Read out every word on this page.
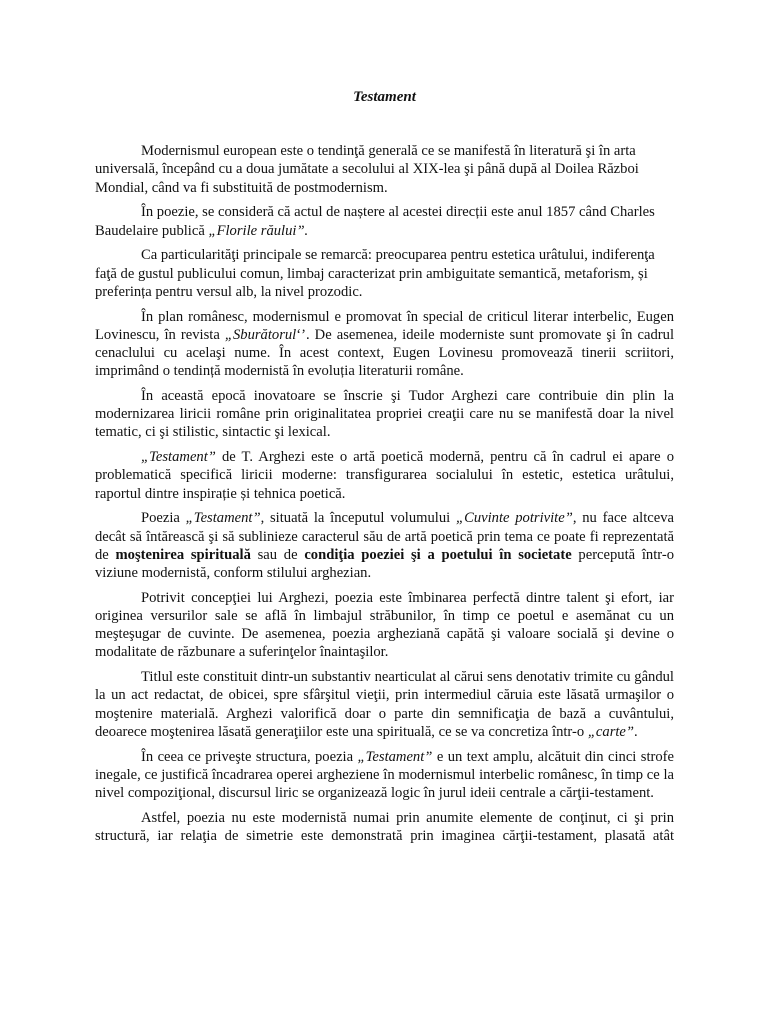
Testament

Modernismul european este o tendinţă generală ce se manifestă în literatură şi în arta universală, începând cu a doua jumătate a secolului al XIX-lea şi până după al Doilea Război Mondial, când va fi substituită de postmodernism.

În poezie, se consideră că actul de naștere al acestei direcții este anul 1857 când Charles Baudelaire publică „Florile răului”.

Ca particularităţi principale se remarcă: preocuparea pentru estetica urâtului, indiferenţa faţă de gustul publicului comun, limbaj caracterizat prin ambiguitate semantică, metaforism, și preferința pentru versul alb, la nivel prozodic.

În plan românesc, modernismul e promovat în special de criticul literar interbelic, Eugen Lovinescu, în revista „Sburătorul‘’. De asemenea, ideile moderniste sunt promovate şi în cadrul cenaclului cu acelaşi nume. În acest context, Eugen Lovinesu promovează tinerii scriitori, imprimând o tendință modernistă în evoluția literaturii române.

În această epocă inovatoare se înscrie şi Tudor Arghezi care contribuie din plin la modernizarea liricii române prin originalitatea propriei creaţii care nu se manifestă doar la nivel tematic, ci şi stilistic, sintactic şi lexical.

„Testament” de T. Arghezi este o artă poetică modernă, pentru că în cadrul ei apare o problematică specifică liricii moderne: transfigurarea socialului în estetic, estetica urâtului, raportul dintre inspirație și tehnica poetică.

Poezia „Testament”, situată la începutul volumului „Cuvinte potrivite”, nu face altceva decât să întărească şi să sublinieze caracterul său de artă poetică prin tema ce poate fi reprezentată de moştenirea spirituală sau de condiţia poeziei şi a poetului în societate percepută într-o viziune modernistă, conform stilului arghezian.

Potrivit concepţiei lui Arghezi, poezia este îmbinarea perfectă dintre talent şi efort, iar originea versurilor sale se află în limbajul străbunilor, în timp ce poetul e asemănat cu un meşteşugar de cuvinte. De asemenea, poezia argheziană capătă şi valoare socială şi devine o modalitate de răzbunare a suferinţelor înaintaşilor.

Titlul este constituit dintr-un substantiv nearticulat al cărui sens denotativ trimite cu gândul la un act redactat, de obicei, spre sfârşitul vieţii, prin intermediul căruia este lăsată urmaşilor o moştenire materială. Arghezi valorifică doar o parte din semnificaţia de bază a cuvântului, deoarece moştenirea lăsată generaţiilor este una spirituală, ce se va concretiza într-o „carte”.

În ceea ce priveşte structura, poezia „Testament” e un text amplu, alcătuit din cinci strofe inegale, ce justifică încadrarea operei argheziene în modernismul interbelic românesc, în timp ce la nivel compoziţional, discursul liric se organizează logic în jurul ideii centrale a cărţii-testament.

Astfel, poezia nu este modernistă numai prin anumite elemente de conţinut, ci şi prin structură, iar relaţia de simetrie este demonstrată prin imaginea cărţii-testament, plasată atât
